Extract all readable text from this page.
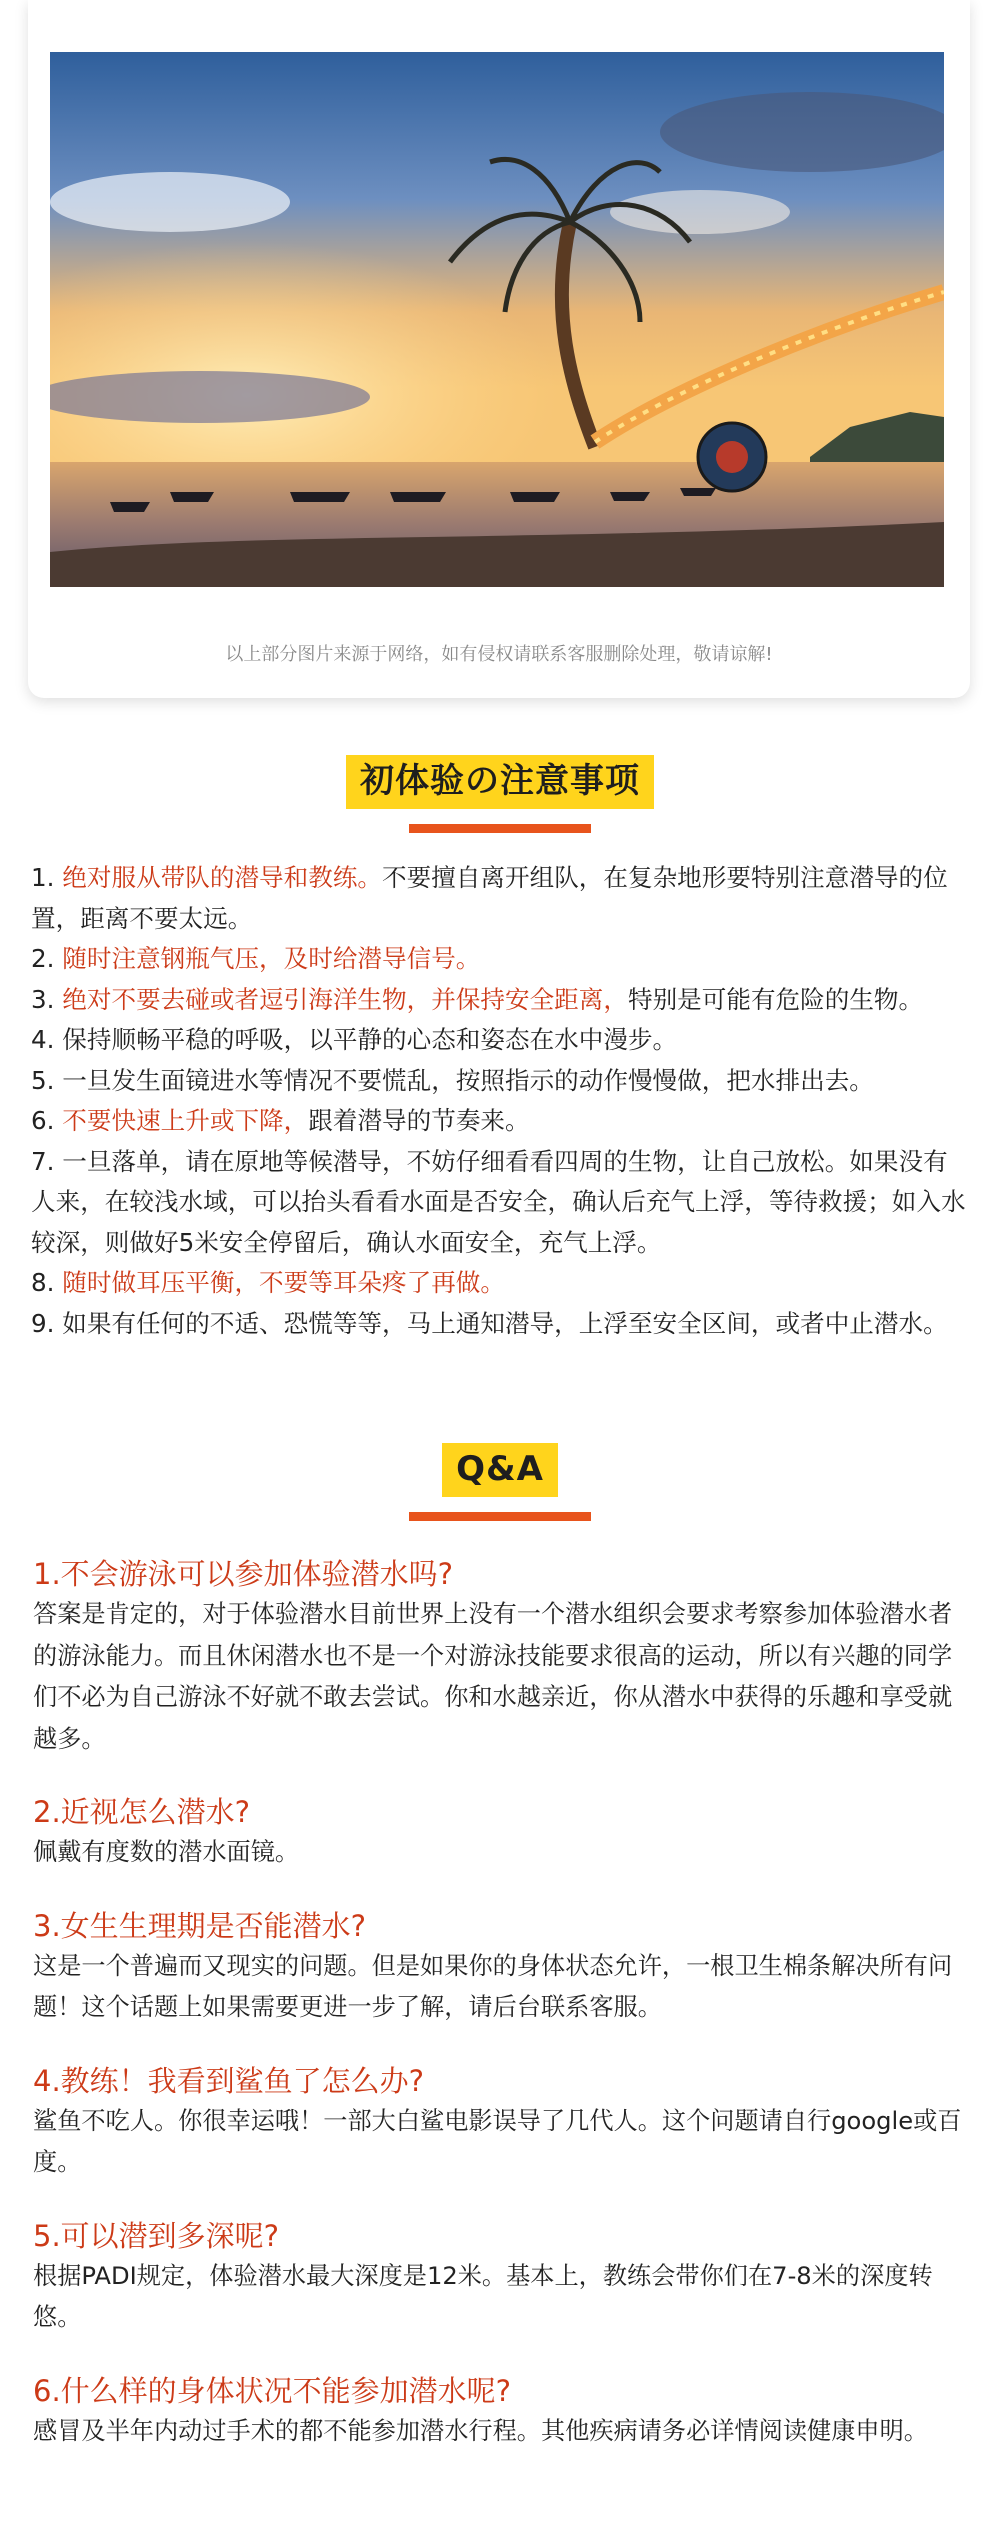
以上部分图片来源于网络，如有侵权请联系客服删除处理，敬请谅解!
初体验の注意事项

1. 绝对服从带队的潜导和教练。不要擅自离开组队，在复杂地形要特别注意潜导的位置，距离不要太远。

2. 随时注意钢瓶气压，及时给潜导信号。

3. 绝对不要去碰或者逗引海洋生物，并保持安全距离，特别是可能有危险的生物。

4. 保持顺畅平稳的呼吸，以平静的心态和姿态在水中漫步。

5. 一旦发生面镜进水等情况不要慌乱，按照指示的动作慢慢做，把水排出去。

6. 不要快速上升或下降，跟着潜导的节奏来。

7. 一旦落单，请在原地等候潜导，不妨仔细看看四周的生物，让自己放松。如果没有人来，在较浅水域，可以抬头看看水面是否安全，确认后充气上浮，等待救援；如入水较深，则做好5米安全停留后，确认水面安全，充气上浮。

8. 随时做耳压平衡，不要等耳朵疼了再做。

9. 如果有任何的不适、恐慌等等，马上通知潜导，上浮至安全区间，或者中止潜水。

Q&A

1.不会游泳可以参加体验潜水吗?

答案是肯定的，对于体验潜水目前世界上没有一个潜水组织会要求考察参加体验潜水者的游泳能力。而且休闲潜水也不是一个对游泳技能要求很高的运动，所以有兴趣的同学们不必为自己游泳不好就不敢去尝试。你和水越亲近，你从潜水中获得的乐趣和享受就越多。

2.近视怎么潜水?

佩戴有度数的潜水面镜。

3.女生生理期是否能潜水?

这是一个普遍而又现实的问题。但是如果你的身体状态允许，一根卫生棉条解决所有问题！这个话题上如果需要更进一步了解，请后台联系客服。

4.教练！我看到鲨鱼了怎么办?

鲨鱼不吃人。你很幸运哦！一部大白鲨电影误导了几代人。这个问题请自行google或百度。

5.可以潜到多深呢?

根据PADI规定，体验潜水最大深度是12米。基本上，教练会带你们在7-8米的深度转悠。

6.什么样的身体状况不能参加潜水呢?

感冒及半年内动过手术的都不能参加潜水行程。其他疾病请务必详情阅读健康申明。
